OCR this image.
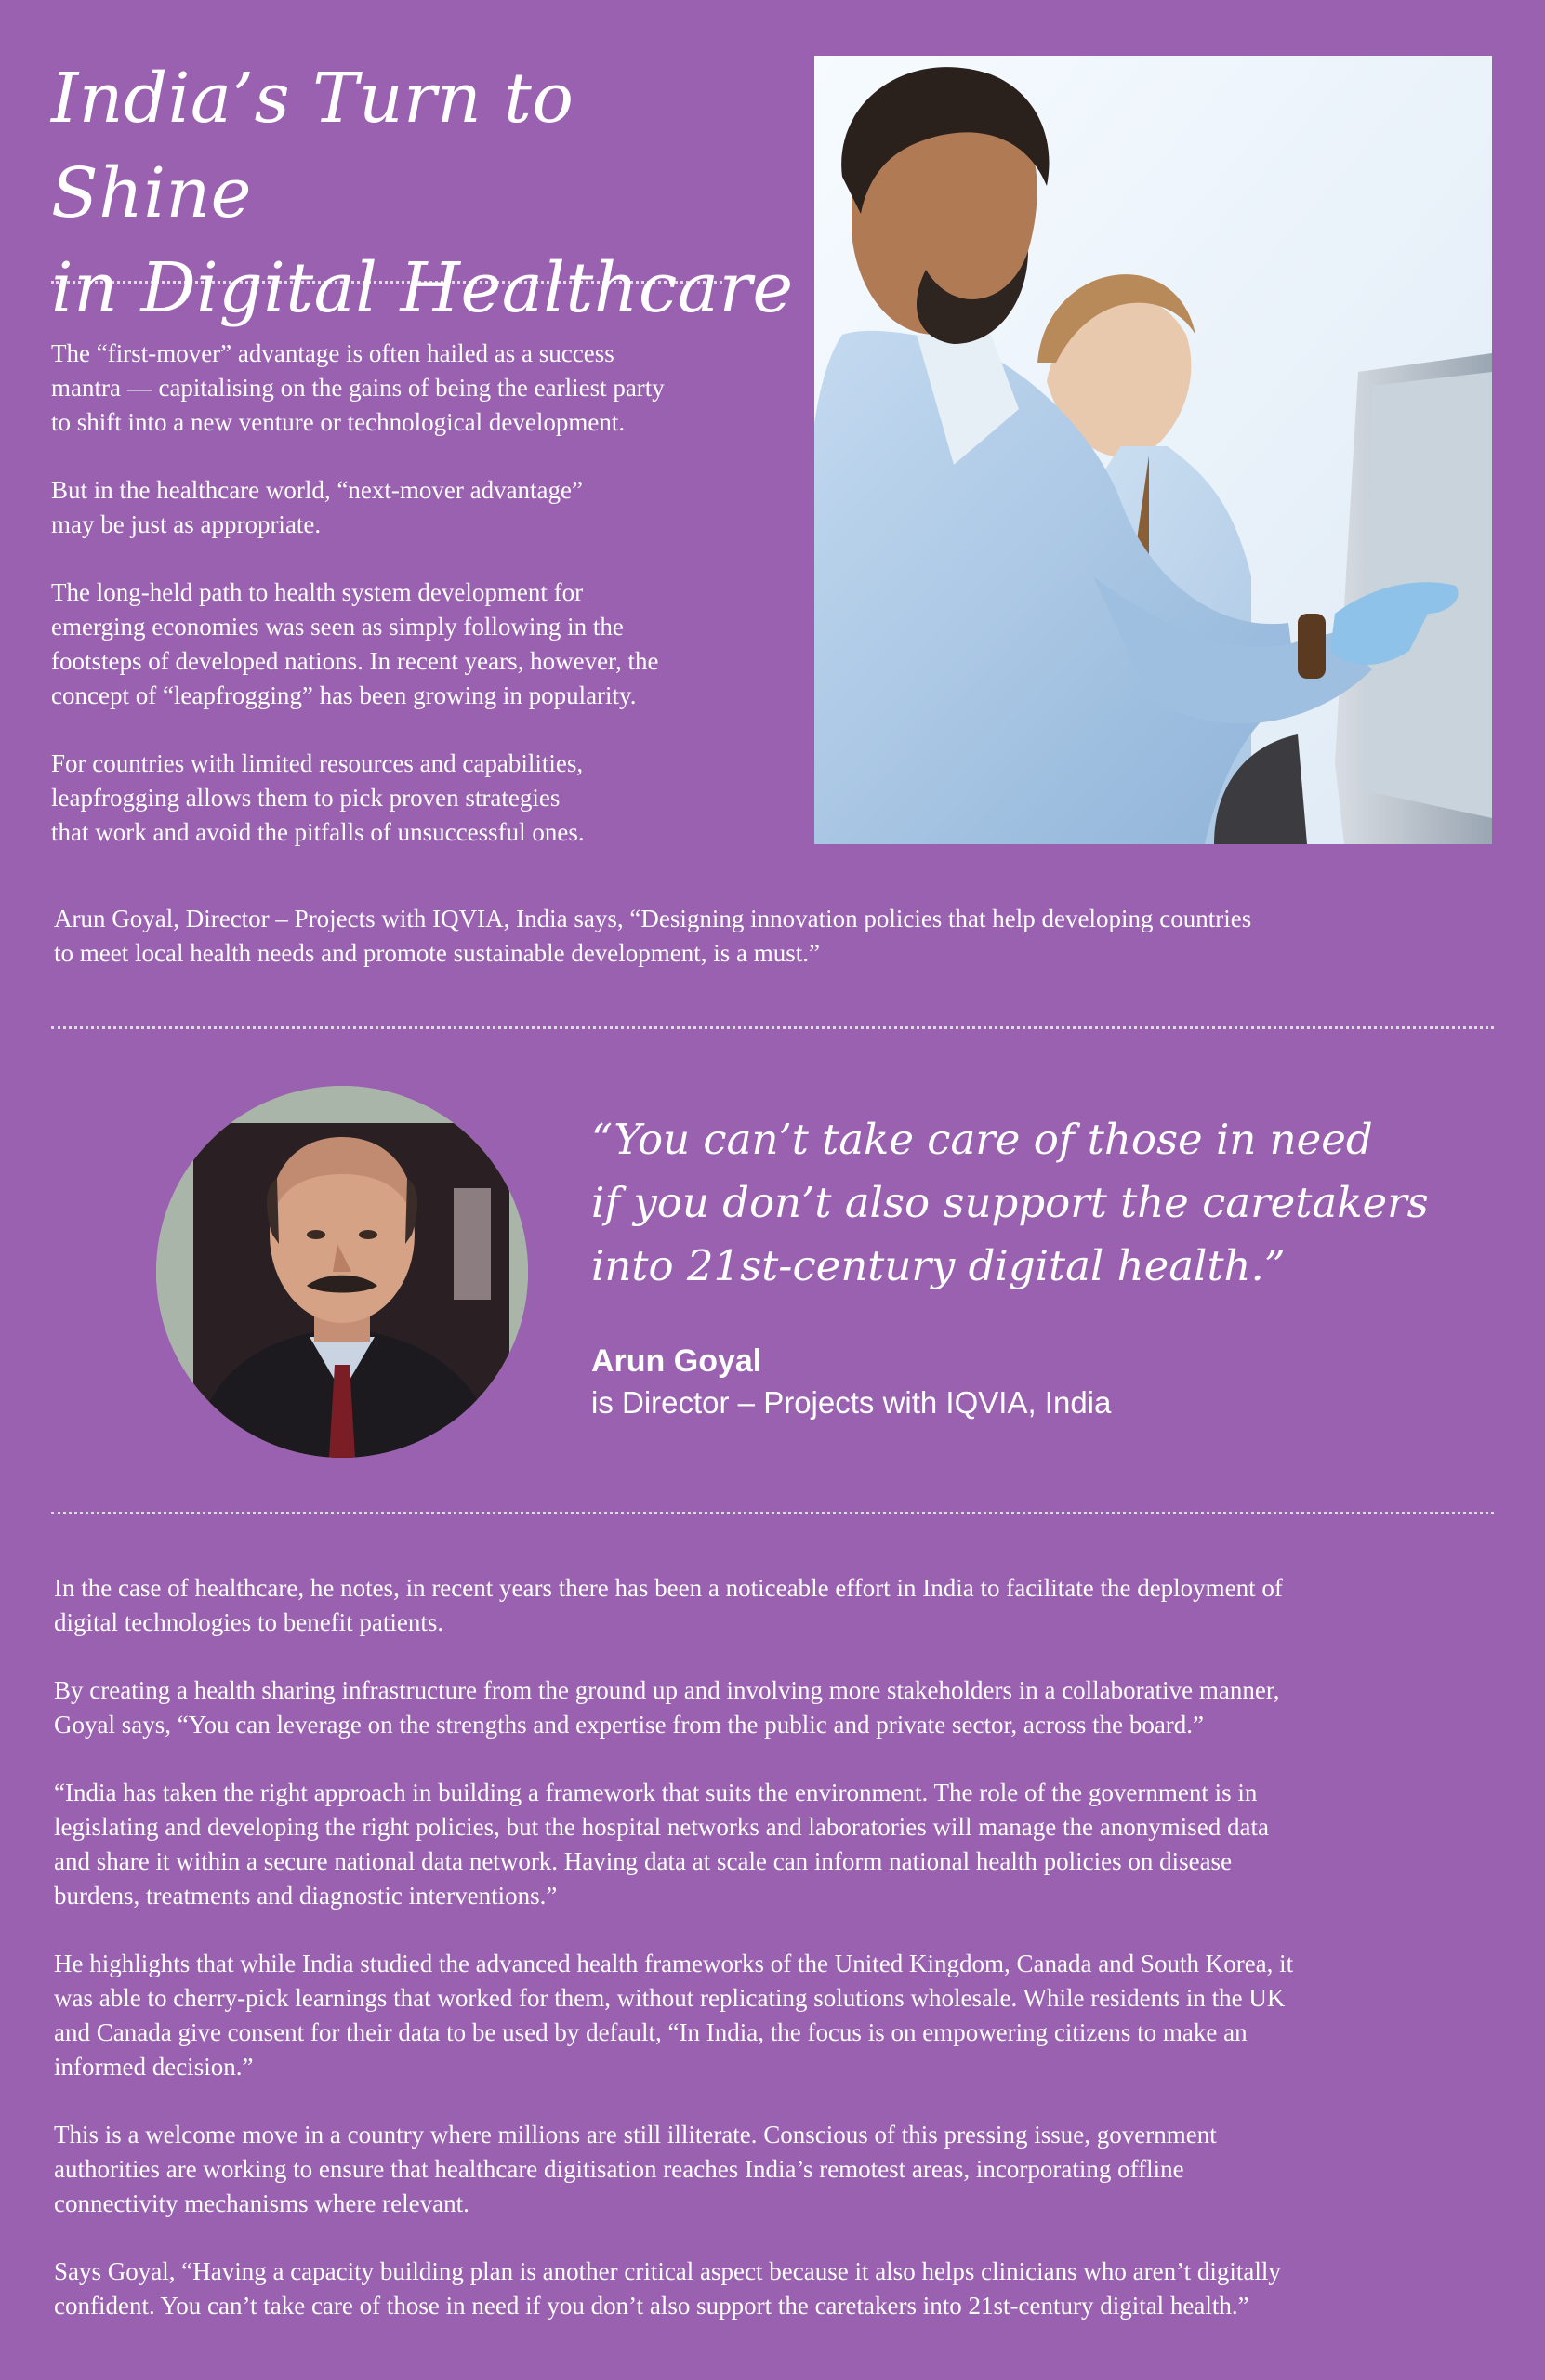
India’s Turn to Shine
in Digital Healthcare

The “first-mover” advantage is often hailed as a success
mantra — capitalising on the gains of being the earliest party
to shift into a new venture or technological development.

But in the healthcare world, “next-mover advantage”
may be just as appropriate.

The long-held path to health system development for
emerging economies was seen as simply following in the
footsteps of developed nations. In recent years, however, the
concept of “leapfrogging” has been growing in popularity.

For countries with limited resources and capabilities,
leapfrogging allows them to pick proven strategies
that work and avoid the pitfalls of unsuccessful ones.

Arun Goyal, Director – Projects with IQVIA, India says, “Designing innovation policies that help developing countries
to meet local health needs and promote sustainable development, is a must.”

“You can’t take care of those in need
if you don’t also support the caretakers
into 21st-century digital health.”

Arun Goyal

is Director – Projects with IQVIA, India

In the case of healthcare, he notes, in recent years there has been a noticeable effort in India to facilitate the deployment of
digital technologies to benefit patients.

By creating a health sharing infrastructure from the ground up and involving more stakeholders in a collaborative manner,
Goyal says, “You can leverage on the strengths and expertise from the public and private sector, across the board.”

“India has taken the right approach in building a framework that suits the environment. The role of the government is in
legislating and developing the right policies, but the hospital networks and laboratories will manage the anonymised data
and share it within a secure national data network. Having data at scale can inform national health policies on disease
burdens, treatments and diagnostic interventions.”

He highlights that while India studied the advanced health frameworks of the United Kingdom, Canada and South Korea, it
was able to cherry-pick learnings that worked for them, without replicating solutions wholesale. While residents in the UK
and Canada give consent for their data to be used by default, “In India, the focus is on empowering citizens to make an
informed decision.”

This is a welcome move in a country where millions are still illiterate. Conscious of this pressing issue, government
authorities are working to ensure that healthcare digitisation reaches India’s remotest areas, incorporating offline
connectivity mechanisms where relevant.

Says Goyal, “Having a capacity building plan is another critical aspect because it also helps clinicians who aren’t digitally
confident. You can’t take care of those in need if you don’t also support the caretakers into 21st-century digital health.”
